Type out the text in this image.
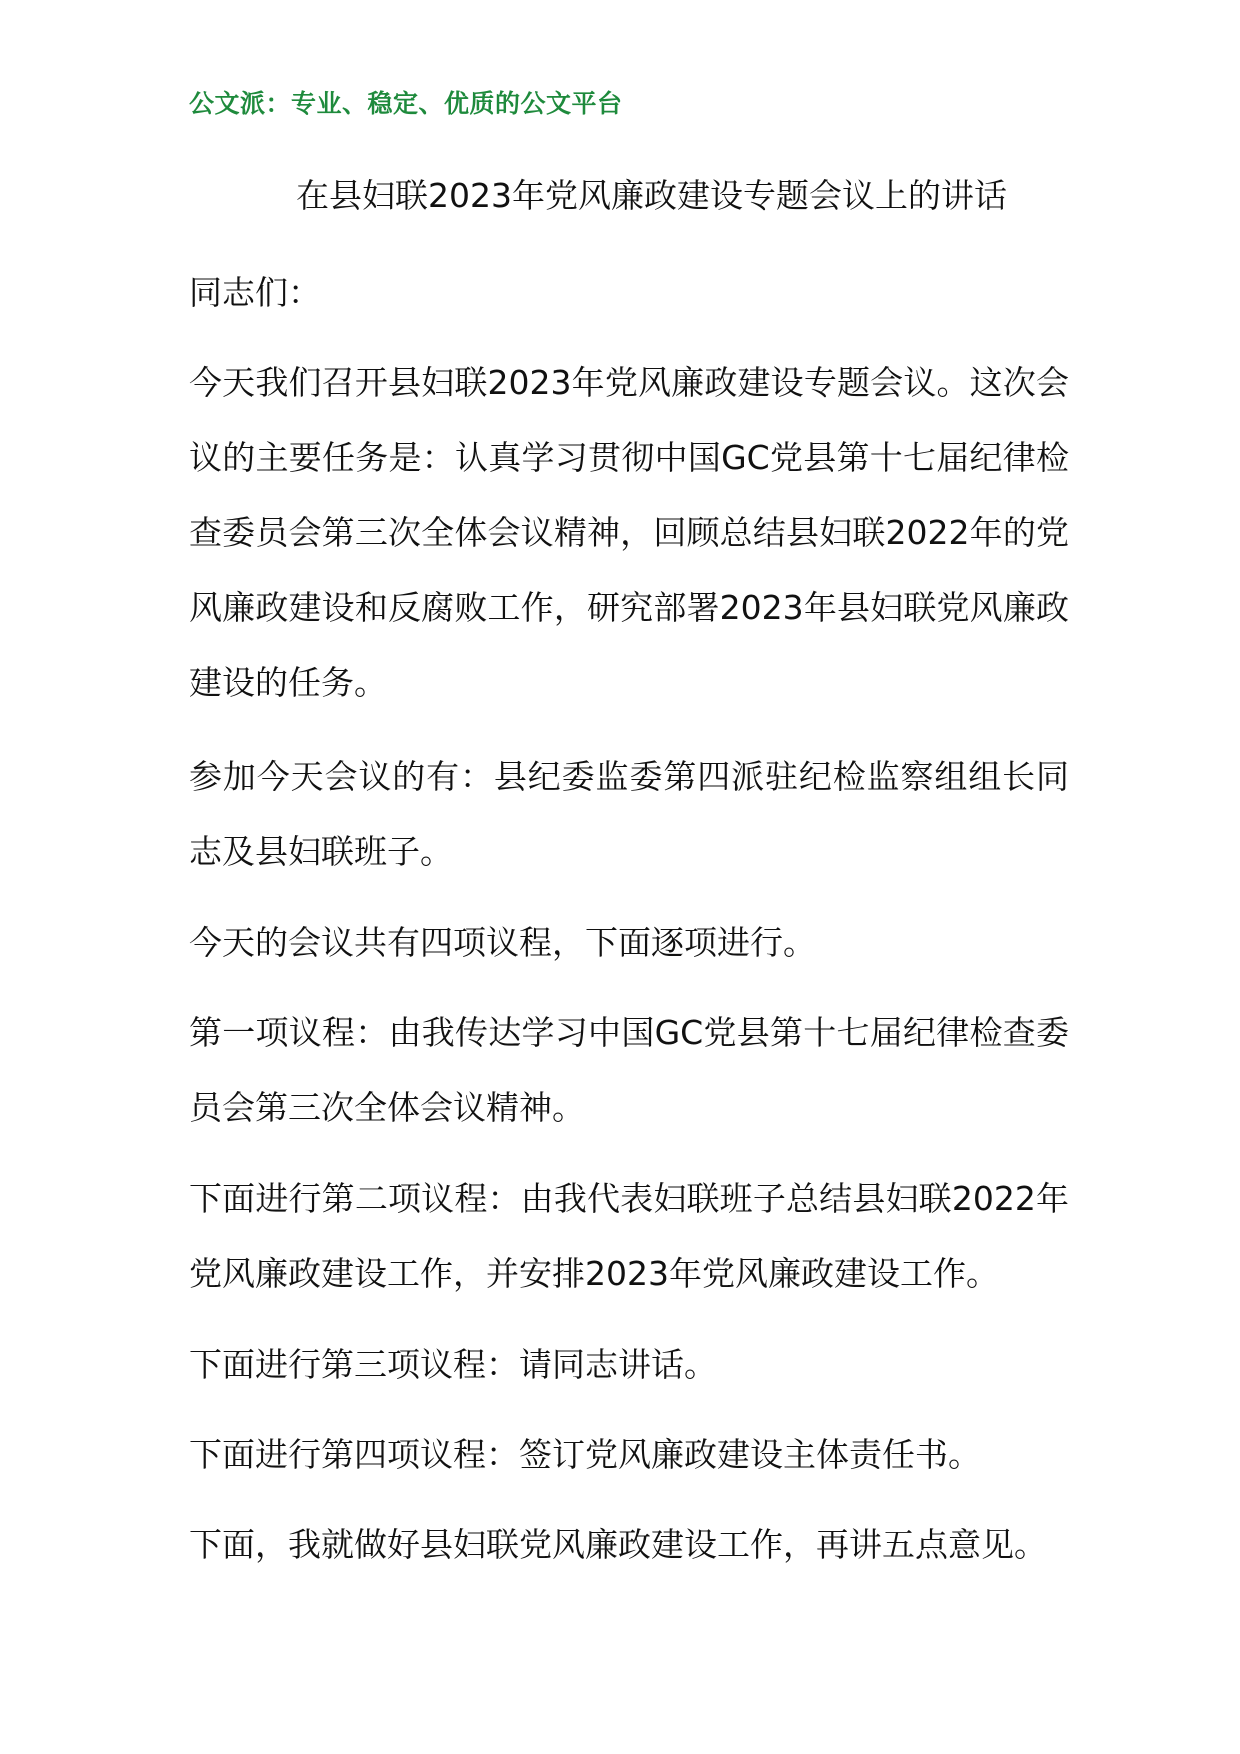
公文派：专业、稳定、优质的公文平台
在县妇联2023年党风廉政建设专题会议上的讲话

同志们：

今天我们召开县妇联2023年党风廉政建设专题会议。这次会议的主要任务是：认真学习贯彻中国GC党县第十七届纪律检查委员会第三次全体会议精神，回顾总结县妇联2022年的党风廉政建设和反腐败工作，研究部署2023年县妇联党风廉政建设的任务。

参加今天会议的有：县纪委监委第四派驻纪检监察组组长同志及县妇联班子。

今天的会议共有四项议程，下面逐项进行。

第一项议程：由我传达学习中国GC党县第十七届纪律检查委员会第三次全体会议精神。

下面进行第二项议程：由我代表妇联班子总结县妇联2022年党风廉政建设工作，并安排2023年党风廉政建设工作。

下面进行第三项议程：请同志讲话。

下面进行第四项议程：签订党风廉政建设主体责任书。

下面，我就做好县妇联党风廉政建设工作，再讲五点意见。
